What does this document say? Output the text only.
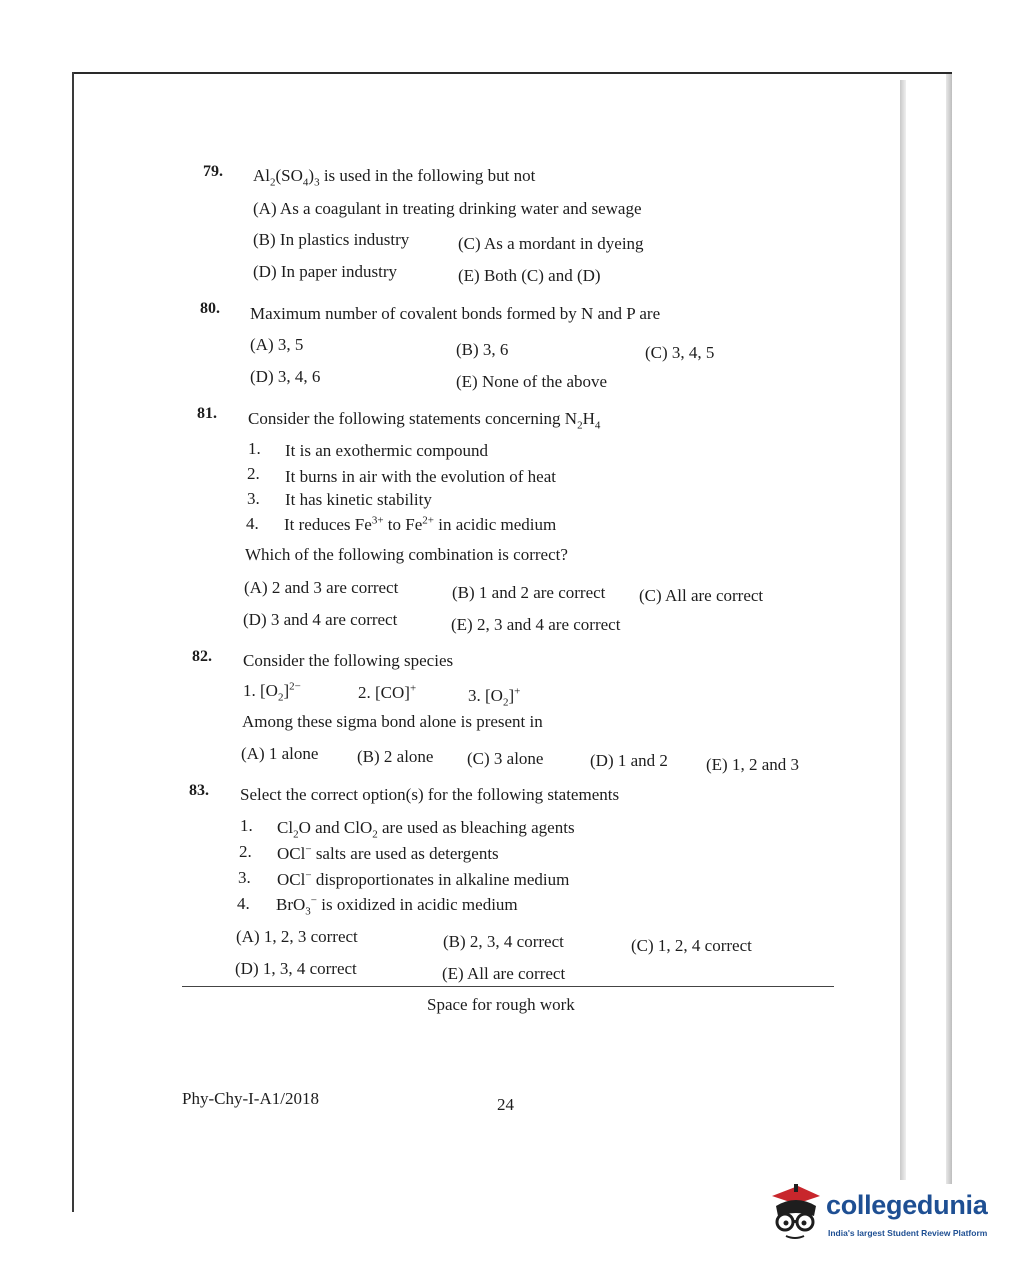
79. $Al_2(SO_4)_3$ is used in the following but not
(A) As a coagulant in treating drinking water and sewage
(B) In plastics industry	(C) As a mordant in dyeing
(D) In paper industry	(E) Both (C) and (D)
80. Maximum number of covalent bonds formed by N and P are
(A) 3, 5	(B) 3, 6	(C) 3, 4, 5
(D) 3, 4, 6	(E) None of the above
81. Consider the following statements concerning $N_2H_4$
1. It is an exothermic compound
2. It burns in air with the evolution of heat
3. It has kinetic stability
4. It reduces $Fe^{3+}$ to $Fe^{2+}$ in acidic medium
Which of the following combination is correct?
(A) 2 and 3 are correct	(B) 1 and 2 are correct (C) All are correct
(D) 3 and 4 are correct	(E) 2, 3 and 4 are correct
82. Consider the following species
1. $[O_2]^{2-}$	2. [CO]+	3. $[O_2]^+$
Among these sigma bond alone is present in
(A) 1 alone (B) 2 alone (C) 3 alone	(D) 1 and 2 (E) 1, 2 and 3
83. Select the correct option(s) for the following statements
1. $Cl_2O$ and ClO$_2$ are used as bleaching agents
2. OCl− salts are used as detergents
3. OCl− disproportionates in alkaline medium
4. BrO$_3$− is oxidized in acidic medium
(A) 1, 2, 3 correct	(B) 2, 3, 4 correct	(C) 1, 2, 4 correct
(D) 1, 3, 4 correct	(E) All are correct
Space for rough work
Phy-Chy-I-A1/2018	24
collegedunia
India's largest Student Review Platform
